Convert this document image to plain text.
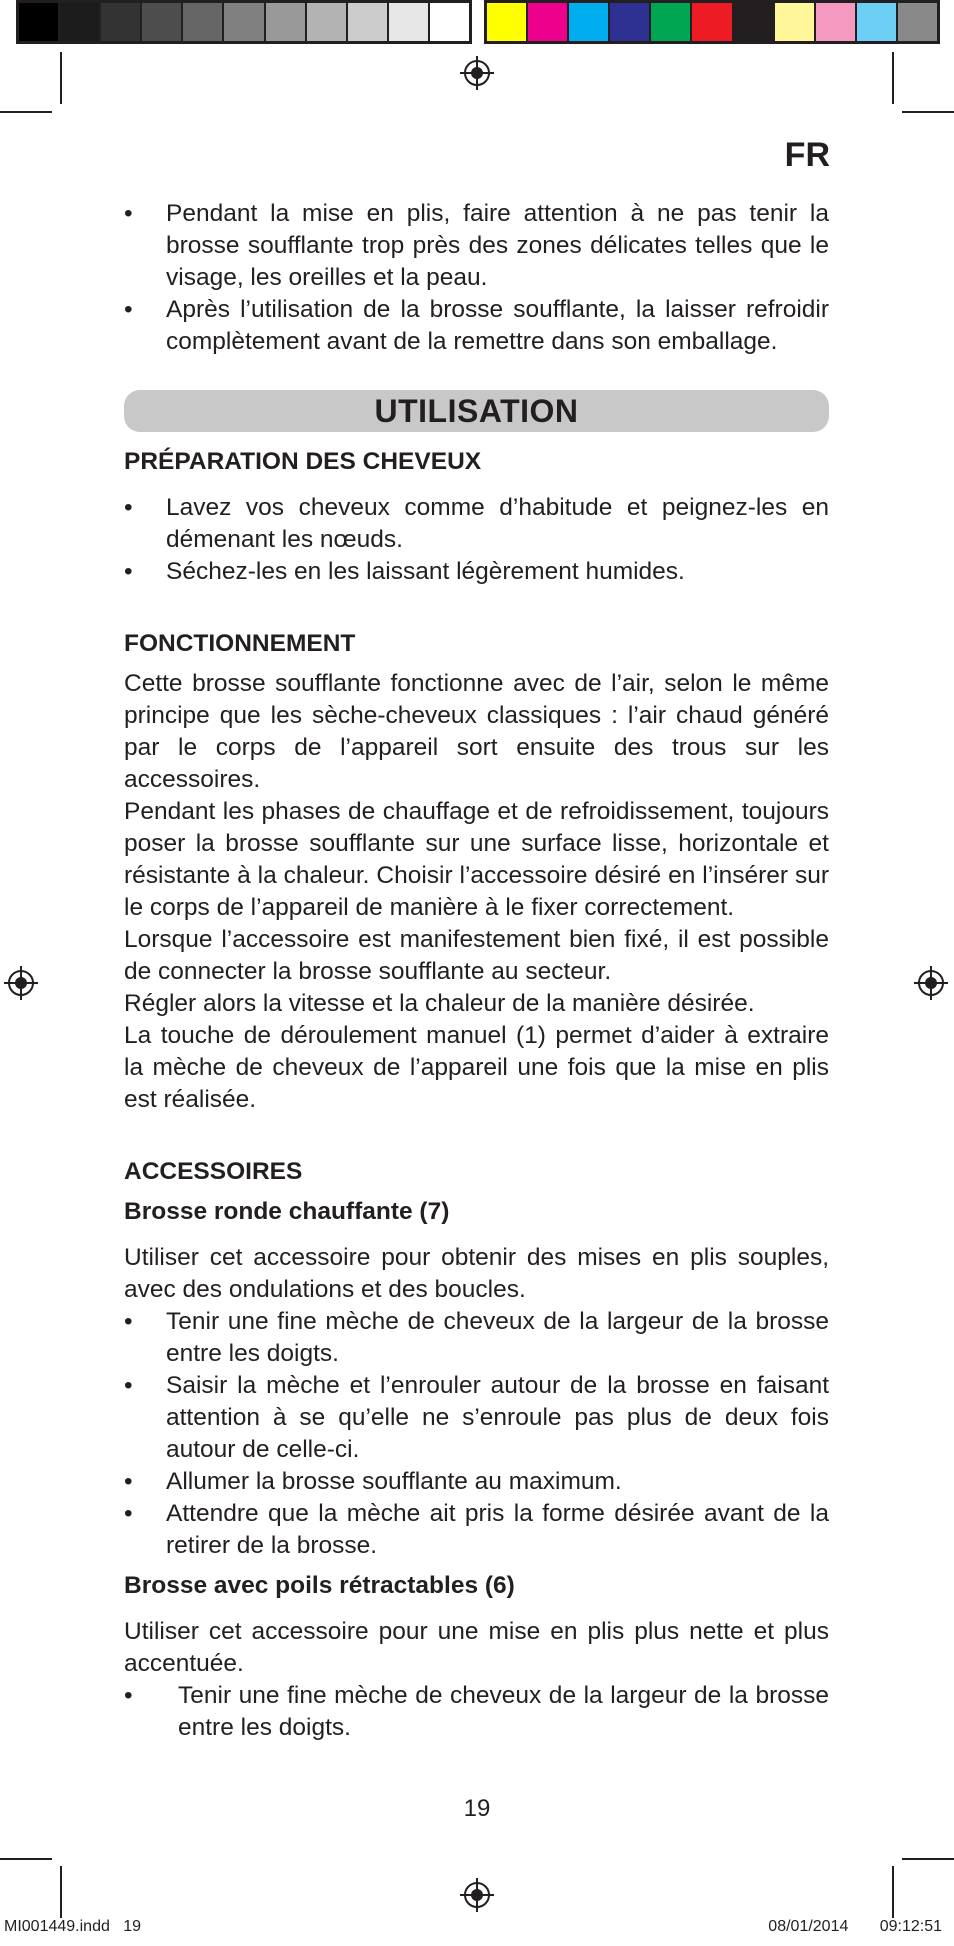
FR
• Pendant la mise en plis, faire attention à ne pas tenir la brosse soufflante trop près des zones délicates telles que le visage, les oreilles et la peau.
• Après l’utilisation de la brosse soufflante, la laisser refroidir complètement avant de la remettre dans son emballage.
UTILISATION

PRÉPARATION DES CHEVEUX

• Lavez vos cheveux comme d’habitude et peignez-les en démenant les nœuds.
• Séchez-les en les laissant légèrement humides.

FONCTIONNEMENT

Cette brosse soufflante fonctionne avec de l’air, selon le même principe que les sèche-cheveux classiques : l’air chaud généré par le corps de l’appareil sort ensuite des trous sur les accessoires.

Pendant les phases de chauffage et de refroidissement, toujours poser la brosse soufflante sur une surface lisse, horizontale et résistante à la chaleur. Choisir l’accessoire désiré en l’insérer sur le corps de l’appareil de manière à le fixer correctement.

Lorsque l’accessoire est manifestement bien fixé, il est possible de connecter la brosse soufflante au secteur.

Régler alors la vitesse et la chaleur de la manière désirée.

La touche de déroulement manuel (1) permet d’aider à extraire la mèche de cheveux de l’appareil une fois que la mise en plis est réalisée.

ACCESSOIRES

Brosse ronde chauffante (7)

Utiliser cet accessoire pour obtenir des mises en plis souples, avec des ondulations et des boucles.

• Tenir une fine mèche de cheveux de la largeur de la brosse entre les doigts.
• Saisir la mèche et l’enrouler autour de la brosse en faisant attention à se qu’elle ne s’enroule pas plus de deux fois autour de celle-ci.
• Allumer la brosse soufflante au maximum.
• Attendre que la mèche ait pris la forme désirée avant de la retirer de la brosse.

Brosse avec poils rétractables (6)

Utiliser cet accessoire pour une mise en plis plus nette et plus accentuée.

• Tenir une fine mèche de cheveux de la largeur de la brosse entre les doigts.
19
MI001449.indd   19	08/01/2014   09:12:51
